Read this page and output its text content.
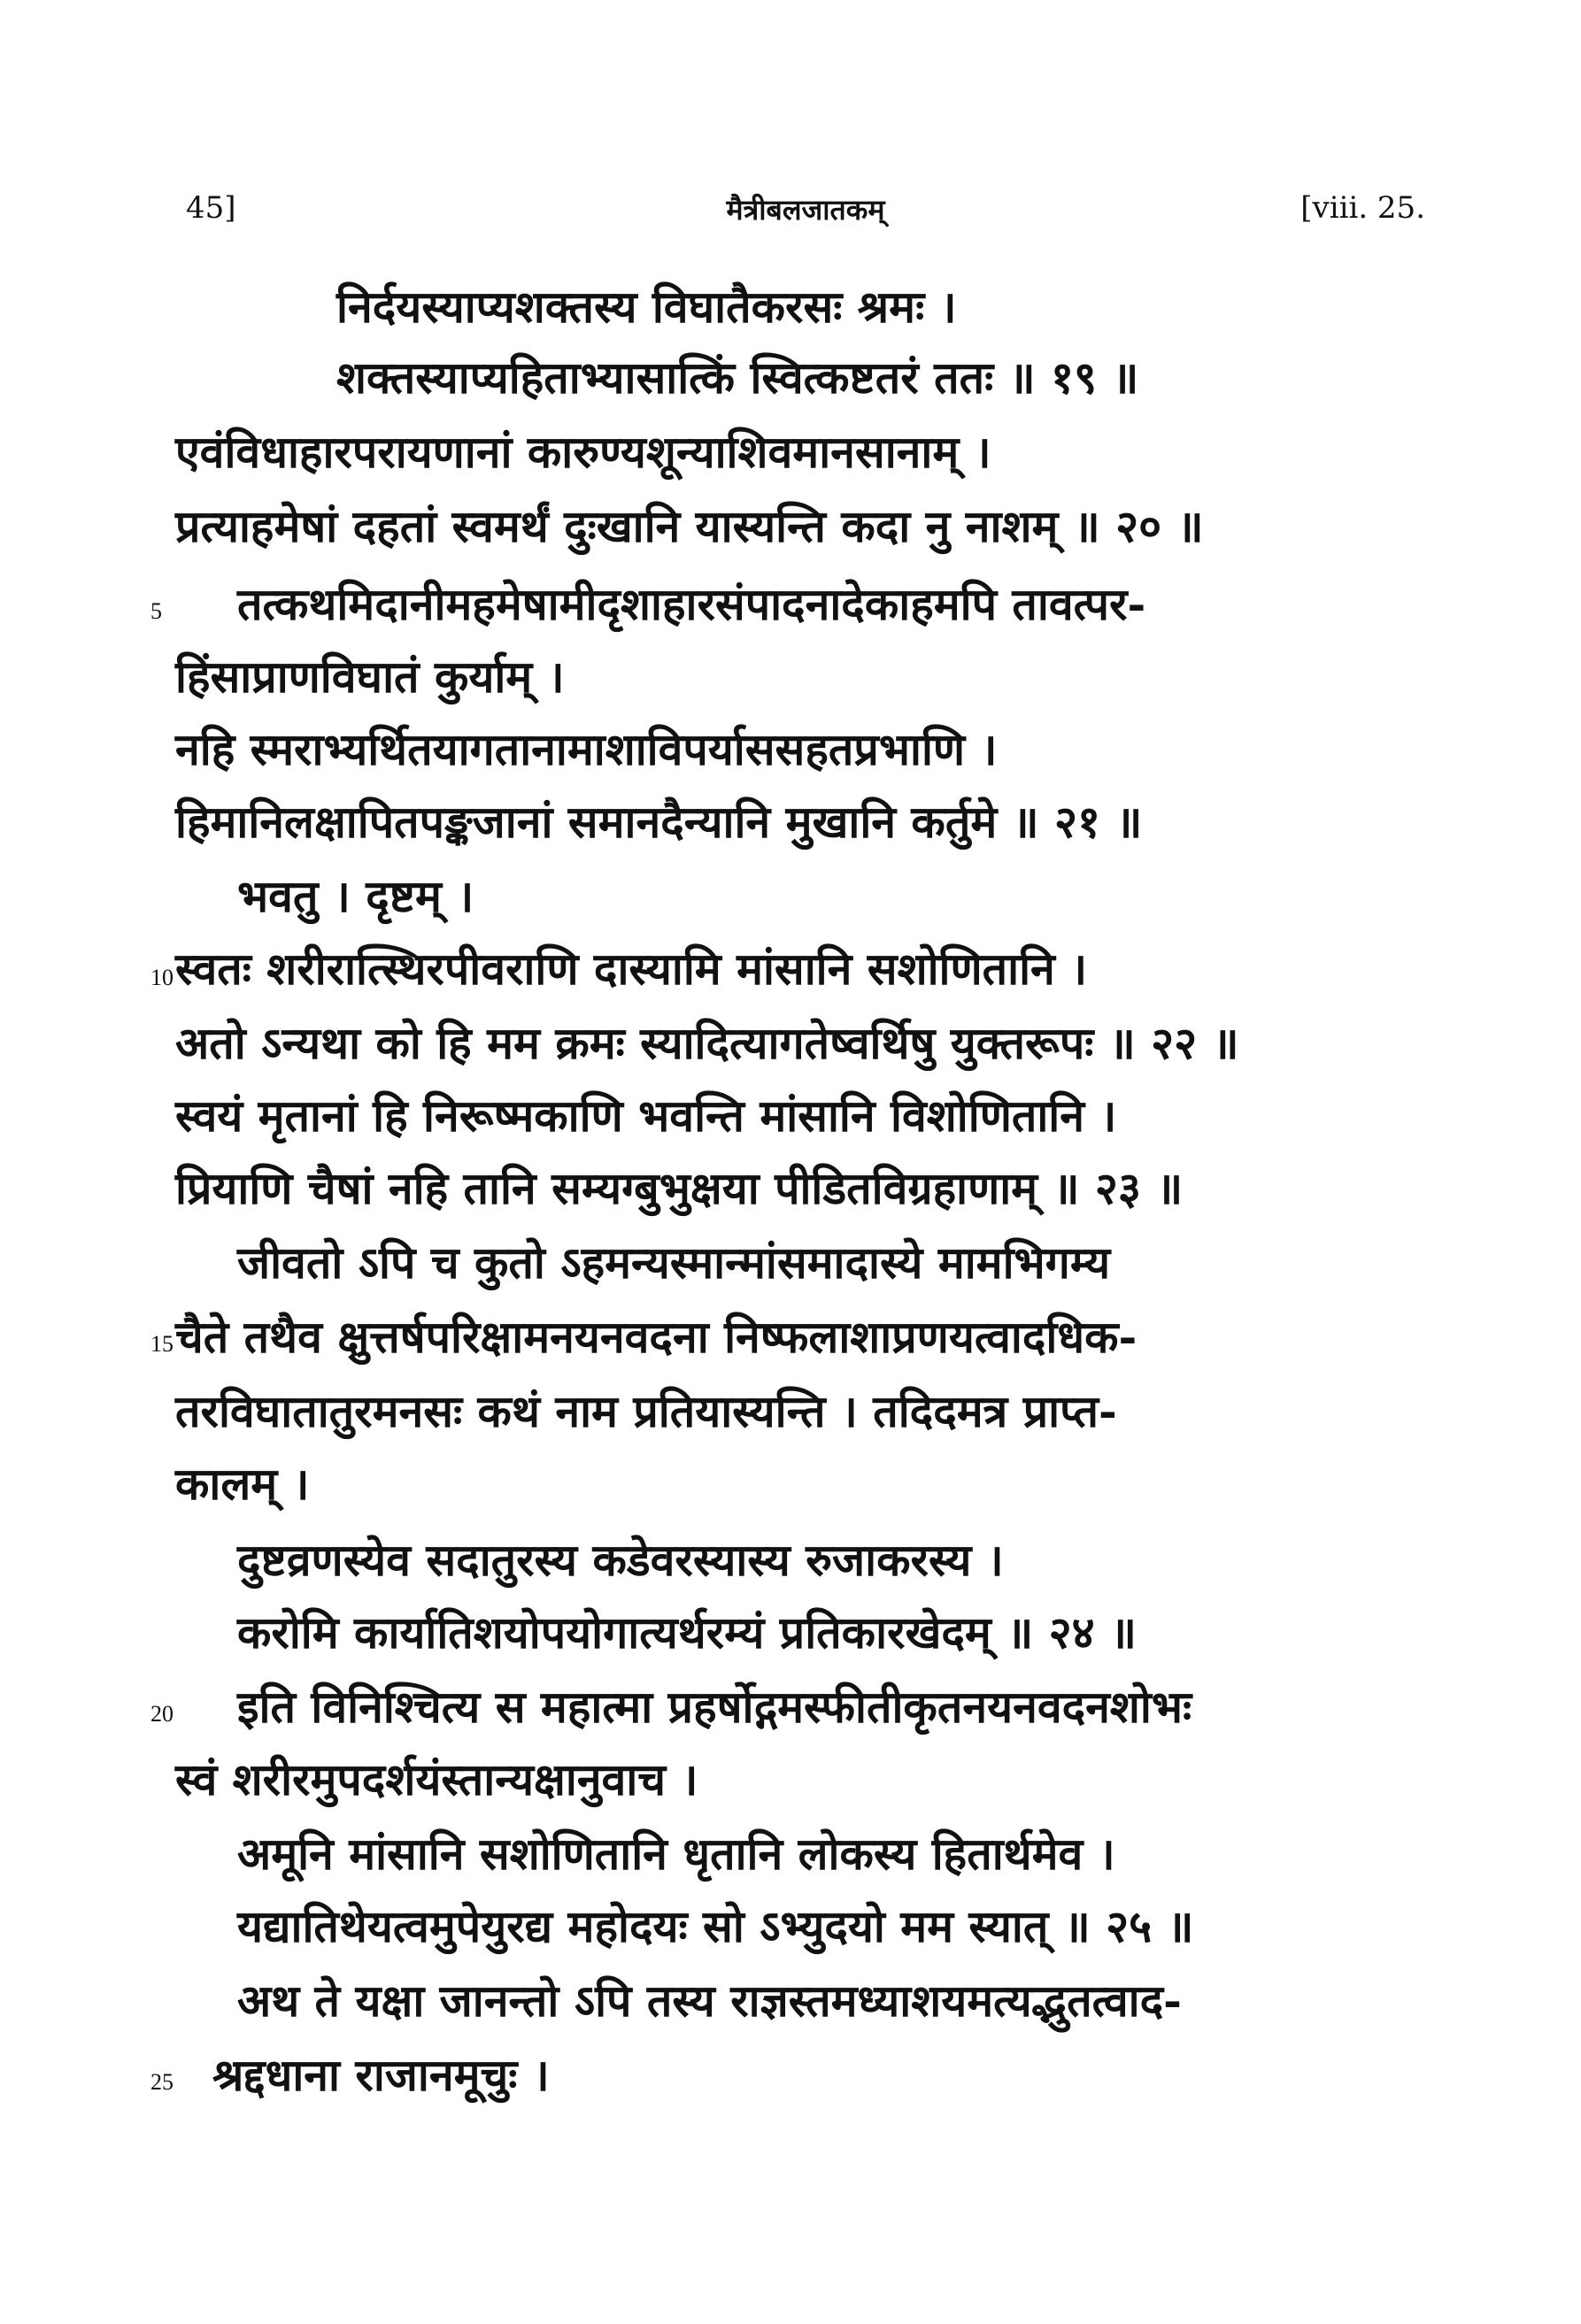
45]	मैत्रीबलजातकम्	[viii. 25.
निर्दयस्याप्यशक्तस्य विघातैकरसः श्रमः ।
शक्तस्याप्यहिताभ्यासात्किं स्वित्कष्टतरं ततः ॥ १९ ॥
एवंविधाहारपरायणानां कारुण्यशून्याशिवमानसानाम् ।
प्रत्याहमेषां दहतां स्वमर्थं दुःखानि यास्यन्ति कदा नु नाशम् ॥ २० ॥
तत्कथमिदानीमहमेषामीदृशाहारसंपादनादेकाहमपि तावत्पर-
हिंसाप्राणविघातं कुर्याम् ।
नहि स्मराभ्यर्थितयागतानामाशाविपर्याससहतप्रभाणि ।
हिमानिलक्षापितपङ्कजानां समानदैन्यानि मुखानि कर्तुमे ॥ २१ ॥
भवतु । दृष्टम् ।
स्वतः शरीरात्स्थिरपीवराणि दास्यामि मांसानि सशोणितानि ।
अतो ऽन्यथा को हि मम क्रमः स्यादित्यागतेष्वर्थिषु युक्तरूपः ॥ २२ ॥
स्वयं मृतानां हि निरूष्मकाणि भवन्ति मांसानि विशोणितानि ।
प्रियाणि चैषां नहि तानि सम्यग्बुभुक्षया पीडितविग्रहाणाम् ॥ २३ ॥
जीवतो ऽपि च कुतो ऽहमन्यस्मान्मांसमादास्ये मामभिगम्य
चैते तथैव क्षुत्तर्षपरिक्षामनयनवदना निष्फलाशाप्रणयत्वादधिक-
तरविघातातुरमनसः कथं नाम प्रतियास्यन्ति । तदिदमत्र प्राप्त-
कालम् ।
दुष्टव्रणस्येव सदातुरस्य कडेवरस्यास्य रुजाकरस्य ।
करोमि कार्यातिशयोपयोगात्यर्थरम्यं प्रतिकारखेदम् ॥ २४ ॥
इति विनिश्चित्य स महात्मा प्रहर्षोद्गमस्फीतीकृतनयनवदनशोभः
स्वं शरीरमुपदर्शयंस्तान्यक्षानुवाच ।
अमूनि मांसानि सशोणितानि धृतानि लोकस्य हितार्थमेव ।
यद्यातिथेयत्वमुपेयुरद्य महोदयः सो ऽभ्युदयो मम स्यात् ॥ २५ ॥
अथ ते यक्षा जानन्तो ऽपि तस्य राज्ञस्तमध्याशयमत्यद्भुतत्वाद-
श्रद्दधाना राजानमूचुः ।
5
10
15
20
25
